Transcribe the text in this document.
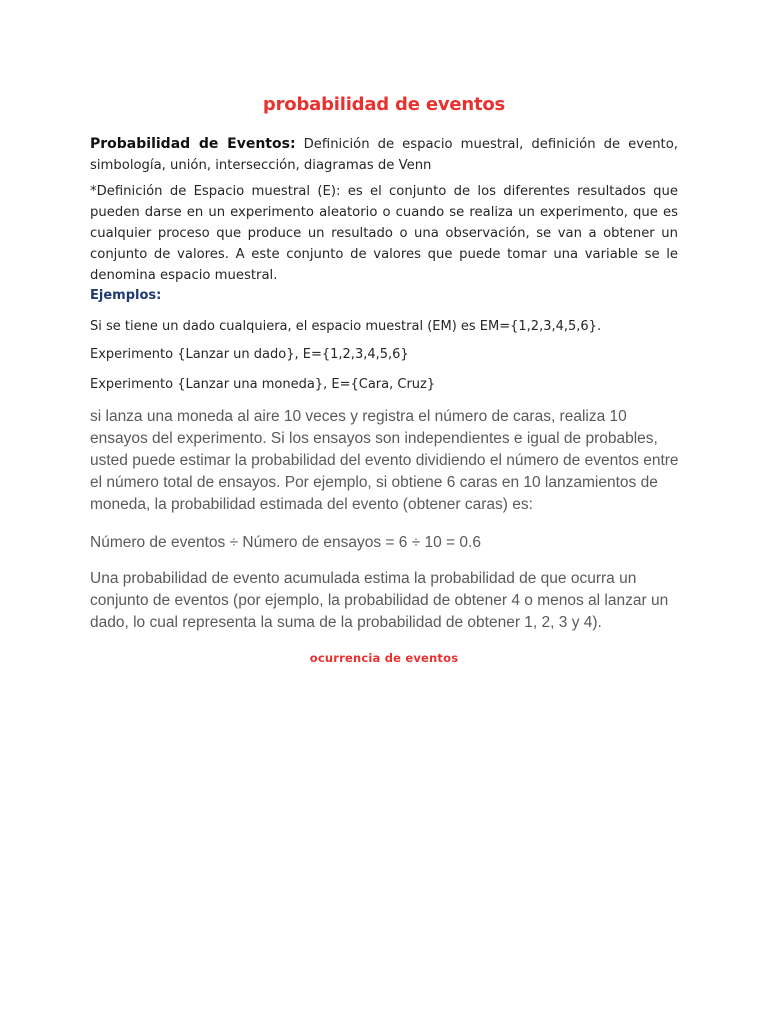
probabilidad de eventos
Probabilidad de Eventos: Definición de espacio muestral, definición de evento, simbología, unión, intersección, diagramas de Venn
*Definición de Espacio muestral (E): es el conjunto de los diferentes resultados que pueden darse en un experimento aleatorio o cuando se realiza un experimento, que es cualquier proceso que produce un resultado o una observación, se van a obtener un conjunto de valores. A este conjunto de valores que puede tomar una variable se le denomina espacio muestral.
Ejemplos:
Si se tiene un dado cualquiera, el espacio muestral (EM) es EM={1,2,3,4,5,6}.
Experimento {Lanzar un dado}, E={1,2,3,4,5,6}
Experimento {Lanzar una moneda}, E={Cara, Cruz}
si lanza una moneda al aire 10 veces y registra el número de caras, realiza 10 ensayos del experimento. Si los ensayos son independientes e igual de probables, usted puede estimar la probabilidad del evento dividiendo el número de eventos entre el número total de ensayos. Por ejemplo, si obtiene 6 caras en 10 lanzamientos de moneda, la probabilidad estimada del evento (obtener caras) es:
Número de eventos ÷ Número de ensayos = 6 ÷ 10 = 0.6
Una probabilidad de evento acumulada estima la probabilidad de que ocurra un conjunto de eventos (por ejemplo, la probabilidad de obtener 4 o menos al lanzar un dado, lo cual representa la suma de la probabilidad de obtener 1, 2, 3 y 4).
ocurrencia de eventos
